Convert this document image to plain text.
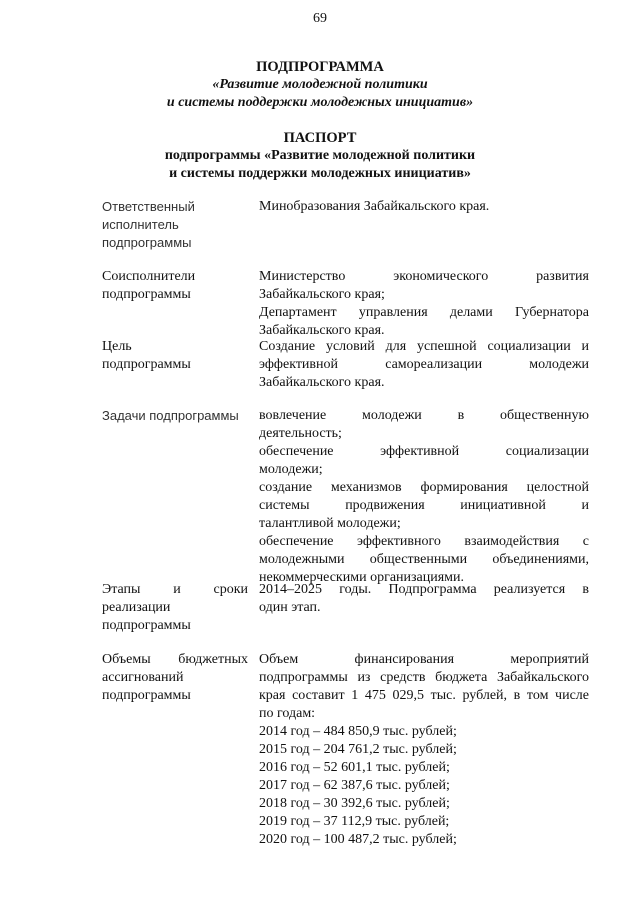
69
ПОДПРОГРАММА
«Развитие молодежной политики
и системы поддержки молодежных инициатив»
ПАСПОРТ
подпрограммы «Развитие молодежной политики
и системы поддержки молодежных инициатив»
Ответственный
исполнитель
подпрограммы
Минобразования Забайкальского края.
Соисполнители
подпрограммы
Министерство экономического развития
Забайкальского края;
Департамент управления делами Губернатора
Забайкальского края.
Цель
подпрограммы
Создание условий для успешной социализации и
эффективной самореализации молодежи
Забайкальского края.
Задачи подпрограммы	вовлечение молодежи в общественную
деятельность;
обеспечение эффективной социализации
молодежи;
создание механизмов формирования целостной
системы продвижения инициативной и
талантливой молодежи;
обеспечение эффективного взаимодействия с
молодежными общественными объединениями,
некоммерческими организациями.
Этапы и сроки
реализации
подпрограммы
2014–2025 годы. Подпрограмма реализуется в
один этап.
Объемы бюджетных
ассигнований
подпрограммы
Объем финансирования мероприятий
подпрограммы из средств бюджета Забайкальского
края составит 1 475 029,5 тыс. рублей, в том числе
по годам:
2014 год – 484 850,9 тыс. рублей;
2015 год – 204 761,2 тыс. рублей;
2016 год – 52 601,1 тыс. рублей;
2017 год – 62 387,6 тыс. рублей;
2018 год – 30 392,6 тыс. рублей;
2019 год – 37 112,9 тыс. рублей;
2020 год – 100 487,2 тыс. рублей;
